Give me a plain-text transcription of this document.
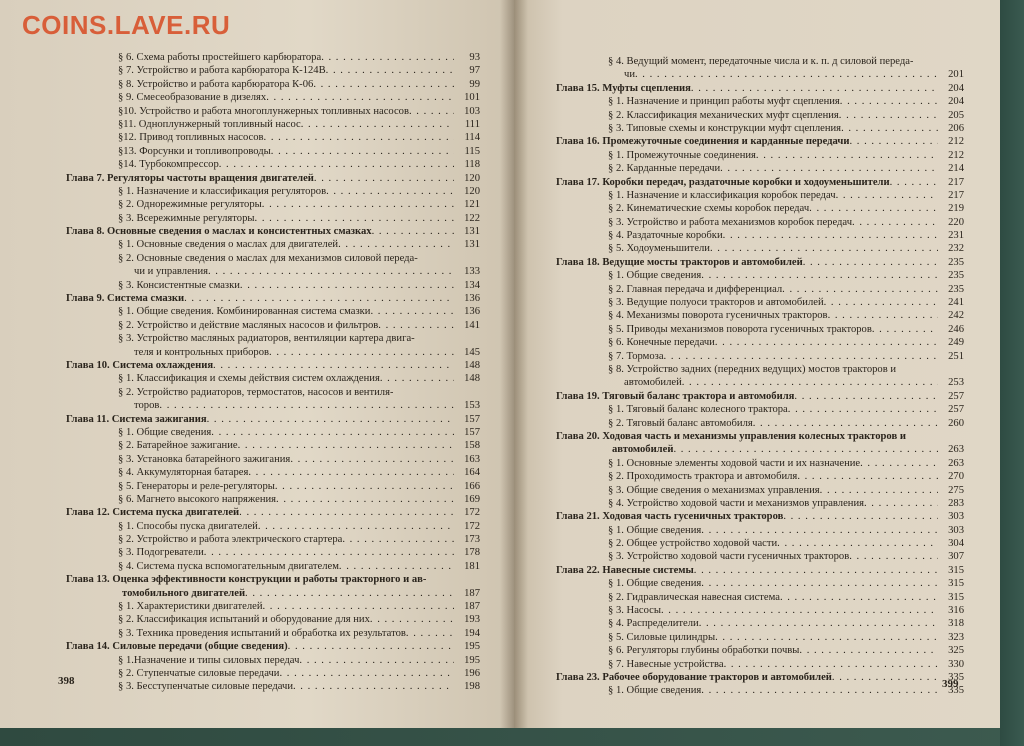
COINS.LAVE.RU
§ 6. Схема работы простейшего карбюратора . . .	93
§ 7. Устройство и работа карбюратора К-124В . . .	97
§ 8. Устройство и работа карбюратора К-06 . . .	99
§ 9. Смесеобразование в дизелях . . .	101
§10. Устройство и работа многоплунжерных топливных насосов . . .	103
§11. Одноплунжерный топливный насос . . .	111
§12. Привод топливных насосов . . .	114
§13. Форсунки и топливопроводы . . .	115
§14. Турбокомпрессор . . .	118
Глава 7. Регуляторы частоты вращения двигателей . . .	120
§ 1. Назначение и классификация регуляторов . . .	120
§ 2. Однорежимные регуляторы . . .	121
§ 3. Всережимные регуляторы . . .	122
Глава 8. Основные сведения о маслах и консистентных смазках . . .	131
§ 1. Основные сведения о маслах для двигателей . . .	131
§ 2. Основные сведения о маслах для механизмов силовой переда-
чи и управления . . .	133
§ 3. Консистентные смазки . . .	134
Глава 9. Система смазки . . .	136
§ 1. Общие сведения. Комбинированная система смазки . . .	136
§ 2. Устройство и действие масляных насосов и фильтров . . .	141
§ 3. Устройство масляных радиаторов, вентиляции картера двига-
теля и контрольных приборов . . .	145
Глава 10. Система охлаждения . . .	148
§ 1. Классификация и схемы действия систем охлаждения . . .	148
§ 2. Устройство радиаторов, термостатов, насосов и вентиля-
торов . . .	153
Глава 11. Система зажигания . . .	157
§ 1. Общие сведения . . .	157
§ 2. Батарейное зажигание . . .	158
§ 3. Установка батарейного зажигания . . .	163
§ 4. Аккумуляторная батарея . . .	164
§ 5. Генераторы и реле-регуляторы . . .	166
§ 6. Магнето высокого напряжения . . .	169
Глава 12. Система пуска двигателей . . .	172
§ 1. Способы пуска двигателей . . .	172
§ 2. Устройство и работа электрического стартера . . .	173
§ 3. Подогреватели . . .	178
§ 4. Система пуска вспомогательным двигателем . . .	181
Глава 13. Оценка эффективности конструкции и работы тракторного и ав-
томобильного двигателей . . .	187
§ 1. Характеристики двигателей . . .	187
§ 2. Классификация испытаний и оборудование для них . . .	193
§ 3. Техника проведения испытаний и обработка их результатов . . .	194
Глава 14. Силовые передачи (общие сведения) . . .	195
§ 1.Назначение и типы силовых передач . . .	195
§ 2. Ступенчатые силовые передачи . . .	196
§ 3. Бесступенчатые силовые передачи . . .	198
§ 4. Ведущий момент, передаточные числа и к. п. д силовой переда-
чи . . .	201
Глава 15. Муфты сцепления . . .	204
§ 1. Назначение и принцип работы муфт сцепления . . .	204
§ 2. Классификация механических муфт сцепления . . .	205
§ 3. Типовые схемы и конструкции муфт сцепления . . .	206
Глава 16. Промежуточные соединения и карданные передачи . . .	212
§ 1. Промежуточные соединения . . .	212
§ 2. Карданные передачи . . .	214
Глава 17. Коробки передач, раздаточные коробки и ходоуменьшители . . .	217
§ 1. Назначение и классификация коробок передач . . .	217
§ 2. Кинематические схемы коробок передач . . .	219
§ 3. Устройство и работа механизмов коробок передач . . .	220
§ 4. Раздаточные коробки . . .	231
§ 5. Ходоуменьшители . . .	232
Глава 18. Ведущие мосты тракторов и автомобилей . . .	235
§ 1. Общие сведения . . .	235
§ 2. Главная передача и дифференциал . . .	235
§ 3. Ведущие полуоси тракторов и автомобилей . . .	241
§ 4. Механизмы поворота гусеничных тракторов . . .	242
§ 5. Приводы механизмов поворота гусеничных тракторов . . .	246
§ 6. Конечные передачи . . .	249
§ 7. Тормоза . . .	251
§ 8. Устройство задних (передних ведущих) мостов тракторов и
автомобилей . . .	253
Глава 19. Тяговый баланс трактора и автомобиля . . .	257
§ 1. Тяговый баланс колесного трактора . . .	257
§ 2. Тяговый баланс автомобиля . . .	260
Глава 20. Ходовая часть и механизмы управления колесных тракторов и
автомобилей . . .	263
§ 1. Основные элементы ходовой части и их назначение . . .	263
§ 2. Проходимость трактора и автомобиля . . .	270
§ 3. Общие сведения о механизмах управления . . .	275
§ 4. Устройство ходовой части и механизмов управления . . .	283
Глава 21. Ходовая часть гусеничных тракторов . . .	303
§ 1. Общие сведения . . .	303
§ 2. Общее устройство ходовой части . . .	304
§ 3. Устройство ходовой части гусеничных тракторов . . .	307
Глава 22. Навесные системы . . .	315
§ 1. Общие сведения . . .	315
§ 2. Гидравлическая навесная система . . .	315
§ 3. Насосы . . .	316
§ 4. Распределители . . .	318
§ 5. Силовые цилиндры . . .	323
§ 6. Регуляторы глубины обработки почвы . . .	325
§ 7. Навесные устройства . . .	330
Глава 23. Рабочее оборудование тракторов и автомобилей . . .	335
§ 1. Общие сведения . . .	335
398	399
